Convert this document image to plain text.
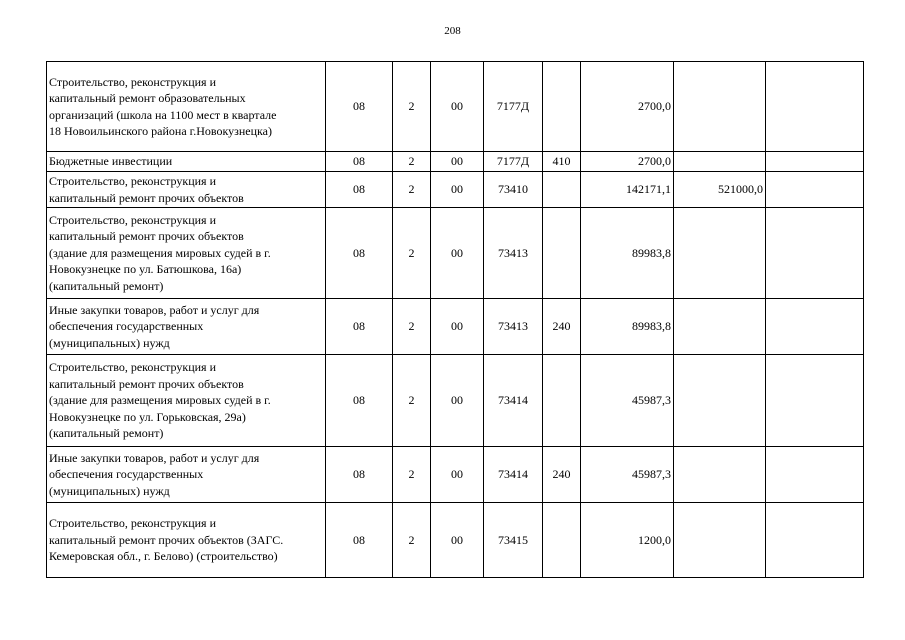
208
Строительство, реконструкция и
капитальный ремонт образовательных
организаций (школа на 1100 мест в квартале
18 Новоильинского района г.Новокузнецка)	08	2	00	7177Д		2700,0		

Бюджетные инвестиции	08	2	00	7177Д	410	2700,0		

Строительство, реконструкция и
капитальный ремонт прочих объектов	08	2	00	73410		142171,1	521000,0	

Строительство, реконструкция и
капитальный ремонт прочих объектов
(здание для размещения мировых судей в г.
Новокузнецке по ул. Батюшкова, 16а)
(капитальный ремонт)	08	2	00	73413		89983,8		

Иные закупки товаров, работ и услуг для
обеспечения государственных
(муниципальных) нужд	08	2	00	73413	240	89983,8		

Строительство, реконструкция и
капитальный ремонт прочих объектов
(здание для размещения мировых судей в г.
Новокузнецке по ул. Горьковская, 29а)
(капитальный ремонт)	08	2	00	73414		45987,3		

Иные закупки товаров, работ и услуг для
обеспечения государственных
(муниципальных) нужд	08	2	00	73414	240	45987,3		

Строительство, реконструкция и
капитальный ремонт прочих объектов (ЗАГС.
Кемеровская обл., г. Белово) (строительство)	08	2	00	73415		1200,0		
